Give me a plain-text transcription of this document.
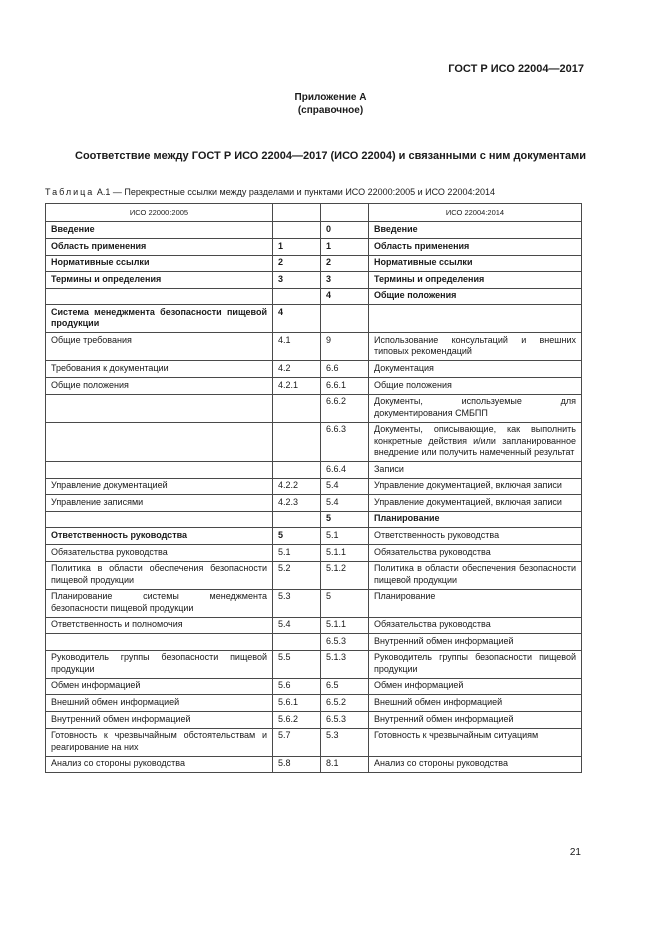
ГОСТ Р ИСО 22004—2017
Приложение А
(справочное)
Соответствие между ГОСТ Р ИСО 22004—2017 (ИСО 22004) и связанными с ним документами
Таблица А.1 — Перекрестные ссылки между разделами и пунктами ИСО 22000:2005 и ИСО 22004:2014
ИСО 22000:2005			ИСО 22004:2014
Введение		0	Введение
Область применения	1	1	Область применения
Нормативные ссылки	2	2	Нормативные ссылки
Термины и определения	3	3	Термины и определения
		4	Общие положения
Система менеджмента безопасности пищевой продукции	4		
Общие требования	4.1	9	Использование консультаций и внешних типовых рекомендаций
Требования к документации	4.2	6.6	Документация
Общие положения	4.2.1	6.6.1	Общие положения
		6.6.2	Документы, используемые для документирования СМБПП
		6.6.3	Документы, описывающие, как выполнить конкретные действия и/или запланированное внедрение или получить намеченный результат
		6.6.4	Записи
Управление документацией	4.2.2	5.4	Управление документацией, включая записи
Управление записями	4.2.3	5.4	Управление документацией, включая записи
		5	Планирование
Ответственность руководства	5	5.1	Ответственность руководства
Обязательства руководства	5.1	5.1.1	Обязательства руководства
Политика в области обеспечения безопасности пищевой продукции	5.2	5.1.2	Политика в области обеспечения безопасности пищевой продукции
Планирование системы менеджмента безопасности пищевой продукции	5.3	5	Планирование
Ответственность и полномочия	5.4	5.1.1	Обязательства руководства
		6.5.3	Внутренний обмен информацией
Руководитель группы безопасности пищевой продукции	5.5	5.1.3	Руководитель группы безопасности пищевой продукции
Обмен информацией	5.6	6.5	Обмен информацией
Внешний обмен информацией	5.6.1	6.5.2	Внешний обмен информацией
Внутренний обмен информацией	5.6.2	6.5.3	Внутренний обмен информацией
Готовность к чрезвычайным обстоятельствам и реагирование на них	5.7	5.3	Готовность к чрезвычайным ситуациям
Анализ со стороны руководства	5.8	8.1	Анализ со стороны руководства
21
